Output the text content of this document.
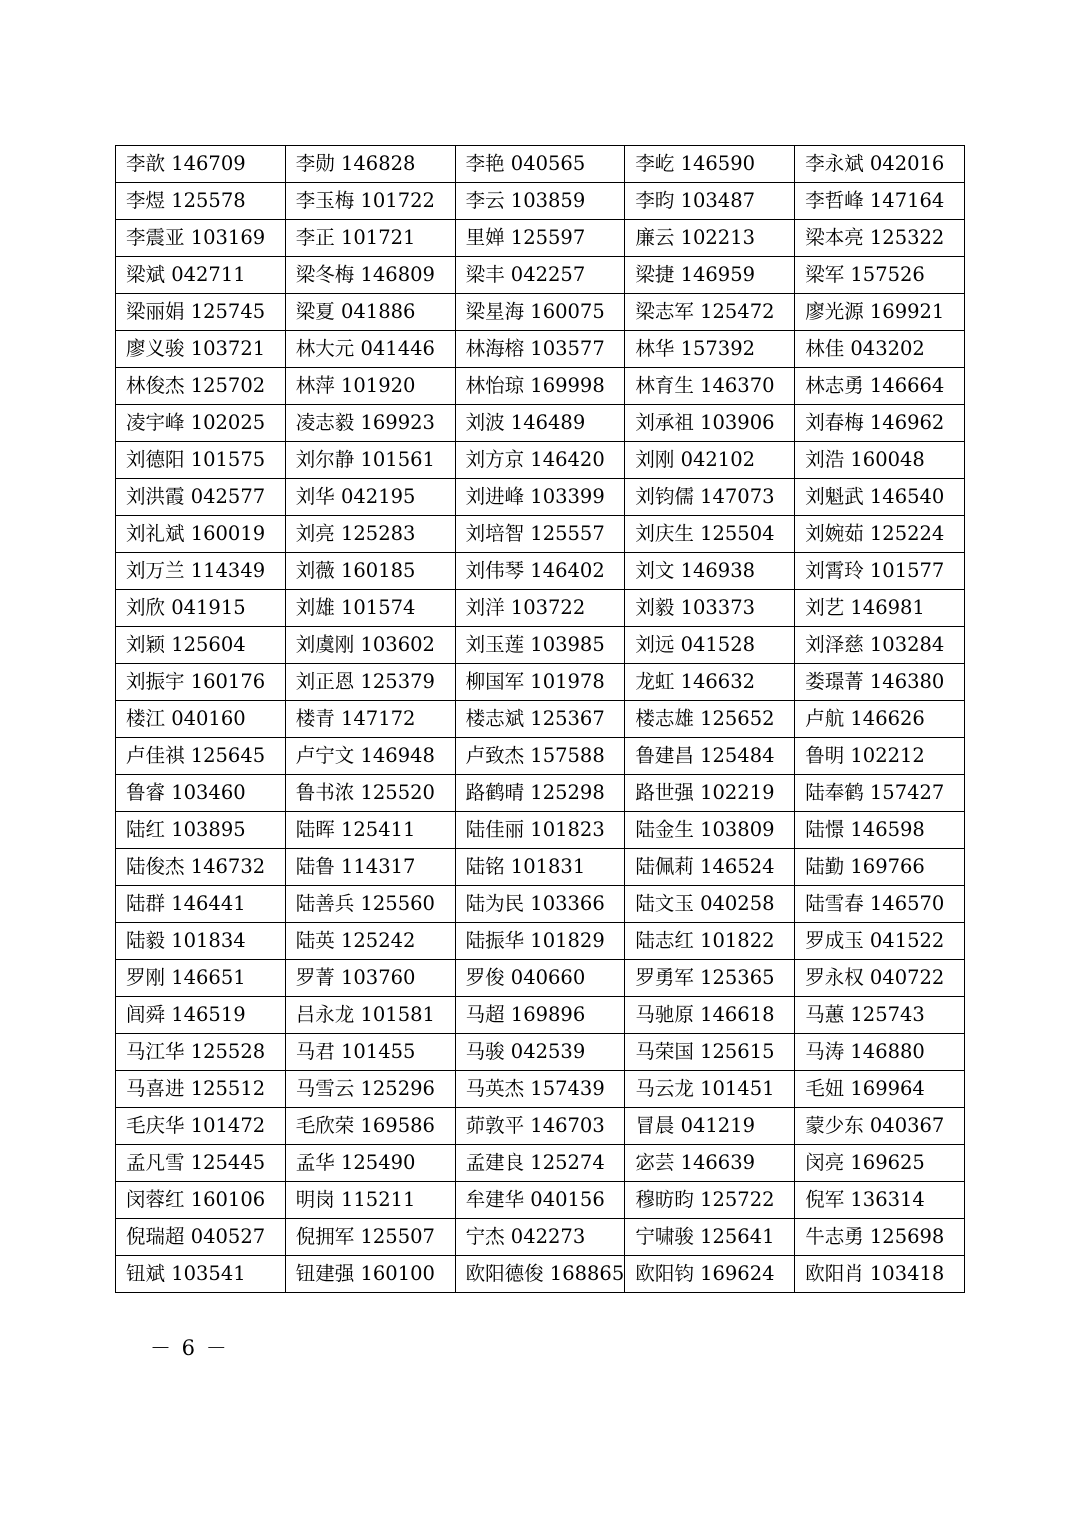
李歆 146709	李勋 146828	李艳 040565	李屹 146590	李永斌 042016
李煜 125578	李玉梅 101722	李云 103859	李昀 103487	李哲峰 147164
李震亚 103169	李正 101721	里婵 125597	廉云 102213	梁本亮 125322
梁斌 042711	梁冬梅 146809	梁丰 042257	梁捷 146959	梁军 157526
梁丽娟 125745	梁夏 041886	梁星海 160075	梁志军 125472	廖光源 169921
廖义骏 103721	林大元 041446	林海榕 103577	林华 157392	林佳 043202
林俊杰 125702	林萍 101920	林怡琼 169998	林育生 146370	林志勇 146664
凌宇峰 102025	凌志毅 169923	刘波 146489	刘承祖 103906	刘春梅 146962
刘德阳 101575	刘尔静 101561	刘方京 146420	刘刚 042102	刘浩 160048
刘洪霞 042577	刘华 042195	刘进峰 103399	刘钧儒 147073	刘魁武 146540
刘礼斌 160019	刘亮 125283	刘培智 125557	刘庆生 125504	刘婉茹 125224
刘万兰 114349	刘薇 160185	刘伟琴 146402	刘文 146938	刘霄玲 101577
刘欣 041915	刘雄 101574	刘洋 103722	刘毅 103373	刘艺 146981
刘颖 125604	刘虞刚 103602	刘玉莲 103985	刘远 041528	刘泽慈 103284
刘振宇 160176	刘正恩 125379	柳国军 101978	龙虹 146632	娄璟菁 146380
楼江 040160	楼青 147172	楼志斌 125367	楼志雄 125652	卢航 146626
卢佳祺 125645	卢宁文 146948	卢致杰 157588	鲁建昌 125484	鲁明 102212
鲁睿 103460	鲁书浓 125520	路鹤晴 125298	路世强 102219	陆奉鹤 157427
陆红 103895	陆晖 125411	陆佳丽 101823	陆金生 103809	陆憬 146598
陆俊杰 146732	陆鲁 114317	陆铭 101831	陆佩莉 146524	陆勤 169766
陆群 146441	陆善兵 125560	陆为民 103366	陆文玉 040258	陆雪春 146570
陆毅 101834	陆英 125242	陆振华 101829	陆志红 101822	罗成玉 041522
罗刚 146651	罗菁 103760	罗俊 040660	罗勇军 125365	罗永权 040722
闾舜 146519	吕永龙 101581	马超 169896	马驰原 146618	马蕙 125743
马江华 125528	马君 101455	马骏 042539	马荣国 125615	马涛 146880
马喜进 125512	马雪云 125296	马英杰 157439	马云龙 101451	毛妞 169964
毛庆华 101472	毛欣荣 169586	茆敦平 146703	冒晨 041219	蒙少东 040367
孟凡雪 125445	孟华 125490	孟建良 125274	宓芸 146639	闵亮 169625
闵蓉红 160106	明岗 115211	牟建华 040156	穆昉昀 125722	倪军 136314
倪瑞超 040527	倪拥军 125507	宁杰 042273	宁啸骏 125641	牛志勇 125698
钮斌 103541	钮建强 160100	欧阳德俊 168865	欧阳钧 169624	欧阳肖 103418
－ 6 －
